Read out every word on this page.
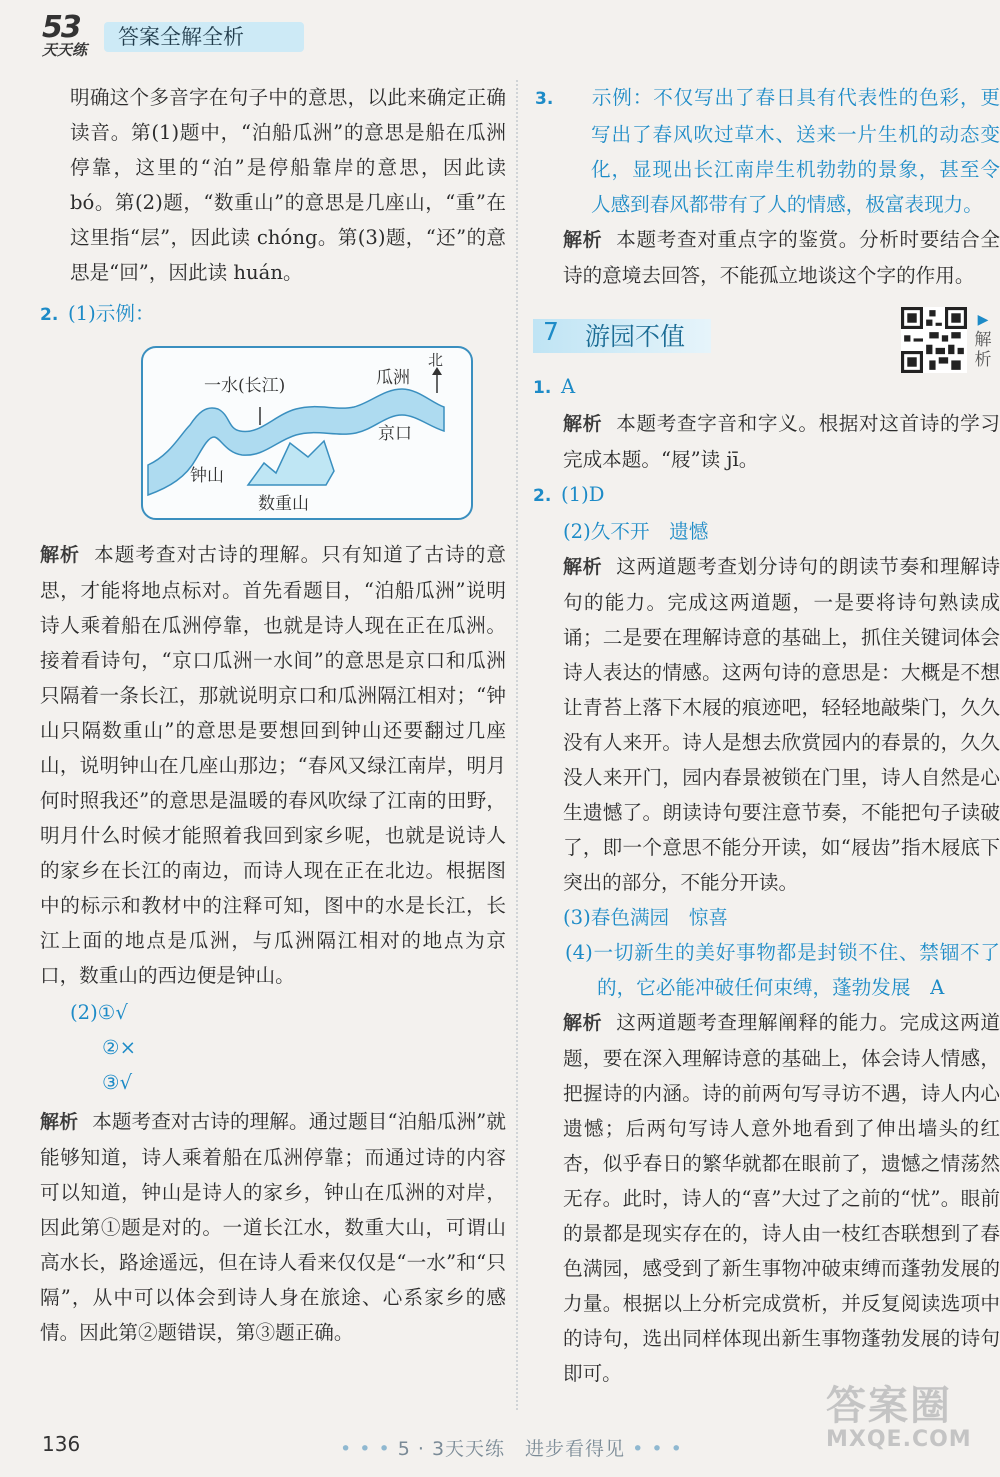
53
天天练
答案全解全析

明确这个多音字在句子中的意思，以此来确定正确读音。第(1)题中，“泊船瓜洲”的意思是船在瓜洲停靠，这里的“泊”是停船靠岸的意思，因此读 bó。第(2)题，“数重山”的意思是几座山，“重”在这里指“层”，因此读 chóng。第(3)题，“还”的意思是“回”，因此读 huán。

2. (1)示例：

一水(长江)	瓜洲
北
京口
钟山
数重山

解析 本题考查对古诗的理解。只有知道了古诗的意思，才能将地点标对。首先看题目，“泊船瓜洲”说明诗人乘着船在瓜洲停靠，也就是诗人现在正在瓜洲。接着看诗句，“京口瓜洲一水间”的意思是京口和瓜洲只隔着一条长江，那就说明京口和瓜洲隔江相对；“钟山只隔数重山”的意思是要想回到钟山还要翻过几座山，说明钟山在几座山那边；“春风又绿江南岸，明月何时照我还”的意思是温暖的春风吹绿了江南的田野，明月什么时候才能照着我回到家乡呢，也就是说诗人的家乡在长江的南边，而诗人现在正在北边。根据图中的标示和教材中的注释可知，图中的水是长江，长江上面的地点是瓜洲，与瓜洲隔江相对的地点为京口，数重山的西边便是钟山。

(2)①√

②×

③√

解析 本题考查对古诗的理解。通过题目“泊船瓜洲”就能够知道，诗人乘着船在瓜洲停靠；而通过诗的内容可以知道，钟山是诗人的家乡，钟山在瓜洲的对岸，因此第①题是对的。一道长江水，数重大山，可谓山高水长，路途遥远，但在诗人看来仅仅是“一水”和“只隔”，从中可以体会到诗人身在旅途、心系家乡的感情。因此第②题错误，第③题正确。

3. 示例：不仅写出了春日具有代表性的色彩，更写出了春风吹过草木、送来一片生机的动态变化，显现出长江南岸生机勃勃的景象，甚至令人感到春风都带有了人的情感，极富表现力。

解析 本题考查对重点字的鉴赏。分析时要结合全诗的意境去回答，不能孤立地谈这个字的作用。

7 游园不值
▶ 解析

1. A

解析 本题考查字音和字义。根据对这首诗的学习完成本题。“屐”读 jī。

2. (1)D

(2)久不开　遗憾

解析 这两道题考查划分诗句的朗读节奏和理解诗句的能力。完成这两道题，一是要将诗句熟读成诵；二是要在理解诗意的基础上，抓住关键词体会诗人表达的情感。这两句诗的意思是：大概是不想让青苔上落下木屐的痕迹吧，轻轻地敲柴门，久久没有人来开。诗人是想去欣赏园内的春景的，久久没人来开门，园内春景被锁在门里，诗人自然是心生遗憾了。朗读诗句要注意节奏，不能把句子读破了，即一个意思不能分开读，如“屐齿”指木屐底下突出的部分，不能分开读。

(3)春色满园　惊喜

(4)一切新生的美好事物都是封锁不住、禁锢不了的，它必能冲破任何束缚，蓬勃发展　A

解析 这两道题考查理解阐释的能力。完成这两道题，要在深入理解诗意的基础上，体会诗人情感，把握诗的内涵。诗的前两句写寻访不遇，诗人内心遗憾；后两句写诗人意外地看到了伸出墙头的红杏，似乎春日的繁华就都在眼前了，遗憾之情荡然无存。此时，诗人的“喜”大过了之前的“忧”。眼前的景都是现实存在的，诗人由一枝红杏联想到了春色满园，感受到了新生事物冲破束缚而蓬勃发展的力量。根据以上分析完成赏析，并反复阅读选项中的诗句，选出同样体现出新生事物蓬勃发展的诗句即可。

136	• • • 5 · 3天天练　进步看得见 • • •
答案圈
MXQE.COM
